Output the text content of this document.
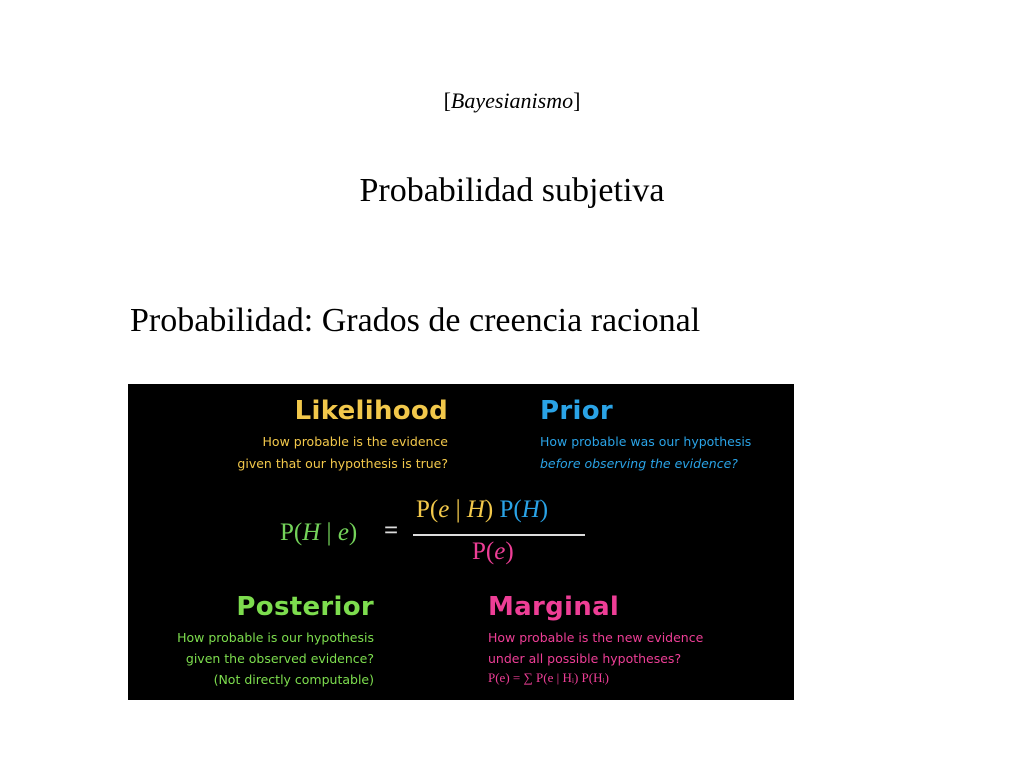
[Bayesianismo]
Probabilidad subjetiva
Probabilidad: Grados de creencia racional
Likelihood
How probable is the evidence
given that our hypothesis is true?
Prior
How probable was our hypothesis
before observing the evidence?
P(H | e) =
P(e | H) P(H)
P(e)
Posterior
How probable is our hypothesis
given the observed evidence?
(Not directly computable)
Marginal
How probable is the new evidence
under all possible hypotheses?
P(e) = ∑ P(e | Hᵢ) P(Hᵢ)
